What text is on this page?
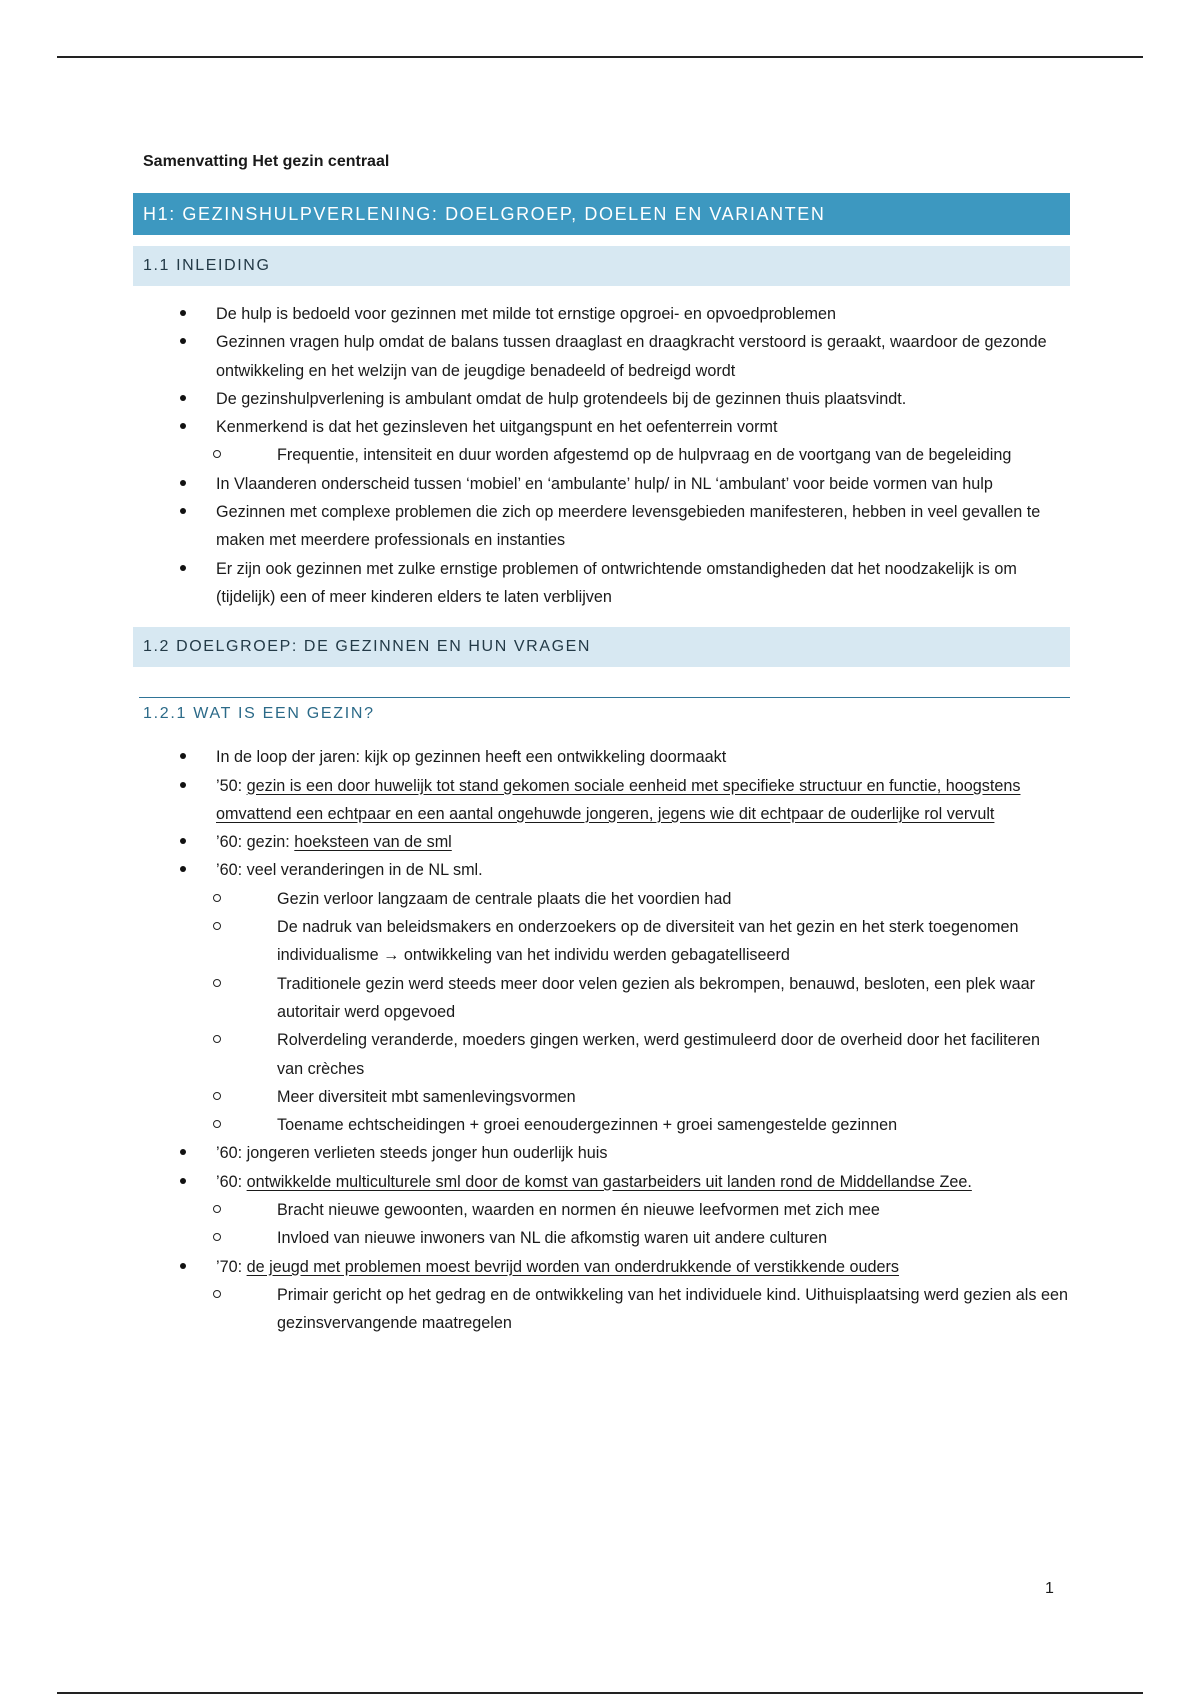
Samenvatting Het gezin centraal
H1: GEZINSHULPVERLENING: DOELGROEP, DOELEN EN VARIANTEN
1.1 INLEIDING
De hulp is bedoeld voor gezinnen met milde tot ernstige opgroei- en opvoedproblemen
Gezinnen vragen hulp omdat de balans tussen draaglast en draagkracht verstoord is geraakt, waardoor de gezonde ontwikkeling en het welzijn van de jeugdige benadeeld of bedreigd wordt
De gezinshulpverlening is ambulant omdat de hulp grotendeels bij de gezinnen thuis plaatsvindt.
Kenmerkend is dat het gezinsleven het uitgangspunt en het oefenterrein vormt
Frequentie, intensiteit en duur worden afgestemd op de hulpvraag en de voortgang van de begeleiding
In Vlaanderen onderscheid tussen ‘mobiel’ en ‘ambulante’ hulp/ in NL ‘ambulant’ voor beide vormen van hulp
Gezinnen met complexe problemen die zich op meerdere levensgebieden manifesteren, hebben in veel gevallen te maken met meerdere professionals en instanties
Er zijn ook gezinnen met zulke ernstige problemen of ontwrichtende omstandigheden dat het noodzakelijk is om (tijdelijk) een of meer kinderen elders te laten verblijven
1.2 DOELGROEP: DE GEZINNEN EN HUN VRAGEN
1.2.1 WAT IS EEN GEZIN?
In de loop der jaren: kijk op gezinnen heeft een ontwikkeling doormaakt
’50: gezin is een door huwelijk tot stand gekomen sociale eenheid met specifieke structuur en functie, hoogstens omvattend een echtpaar en een aantal ongehuwde jongeren, jegens wie dit echtpaar de ouderlijke rol vervult
’60: gezin: hoeksteen van de sml
’60: veel veranderingen in de NL sml.
Gezin verloor langzaam de centrale plaats die het voordien had
De nadruk van beleidsmakers en onderzoekers op de diversiteit van het gezin en het sterk toegenomen individualisme → ontwikkeling van het individu werden gebagatelliseerd
Traditionele gezin werd steeds meer door velen gezien als bekrompen, benauwd, besloten, een plek waar autoritair werd opgevoed
Rolverdeling veranderde, moeders gingen werken, werd gestimuleerd door de overheid door het faciliteren van crèches
Meer diversiteit mbt samenlevingsvormen
Toename echtscheidingen + groei eenoudergezinnen + groei samengestelde gezinnen
’60: jongeren verlieten steeds jonger hun ouderlijk huis
’60: ontwikkelde multiculturele sml door de komst van gastarbeiders uit landen rond de Middellandse Zee.
Bracht nieuwe gewoonten, waarden en normen én nieuwe leefvormen met zich mee
Invloed van nieuwe inwoners van NL die afkomstig waren uit andere culturen
’70: de jeugd met problemen moest bevrijd worden van onderdrukkende of verstikkende ouders
Primair gericht op het gedrag en de ontwikkeling van het individuele kind. Uithuisplaatsing werd gezien als een gezinsvervangende maatregelen
1
